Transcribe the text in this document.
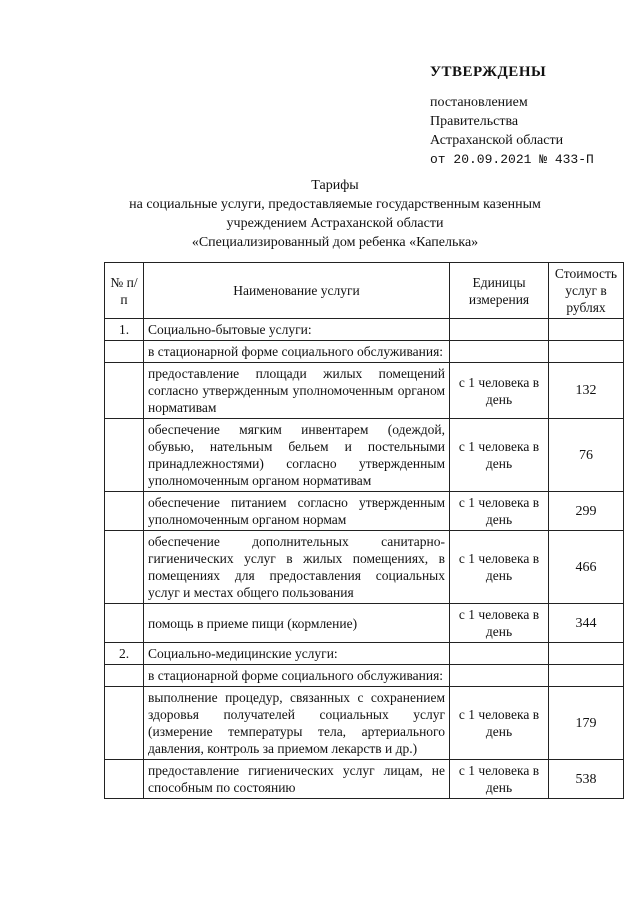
УТВЕРЖДЕНЫ
постановлением
Правительства
Астраханской области
от 20.09.2021 № 433-П
Тарифы
на социальные услуги, предоставляемые государственным казенным
учреждением Астраханской области
«Специализированный дом ребенка «Капелька»
№ п/п	Наименование услуги	Единицы измерения	Стоимость услуг в рублях
1.	Социально-бытовые услуги:		
	в стационарной форме социального обслуживания:		
	предоставление площади жилых помещений согласно утвержденным уполномоченным органом нормативам	с 1 человека в день	132
	обеспечение мягким инвентарем (одеждой, обувью, нательным бельем и постельными принадлежностями) согласно утвержденным уполномоченным органом нормативам	с 1 человека в день	76
	обеспечение питанием согласно утвержденным уполномоченным органом нормам	с 1 человека в день	299
	обеспечение дополнительных санитарно-гигиенических услуг в жилых помещениях, в помещениях для предоставления социальных услуг и местах общего пользования	с 1 человека в день	466
	помощь в приеме пищи (кормление)	с 1 человека в день	344
2.	Социально-медицинские услуги:		
	в стационарной форме социального обслуживания:		
	выполнение процедур, связанных с сохранением здоровья получателей социальных услуг (измерение температуры тела, артериального давления, контроль за приемом лекарств и др.)	с 1 человека в день	179
	предоставление гигиенических услуг лицам, не способным по состоянию	с 1 человека в день	538
